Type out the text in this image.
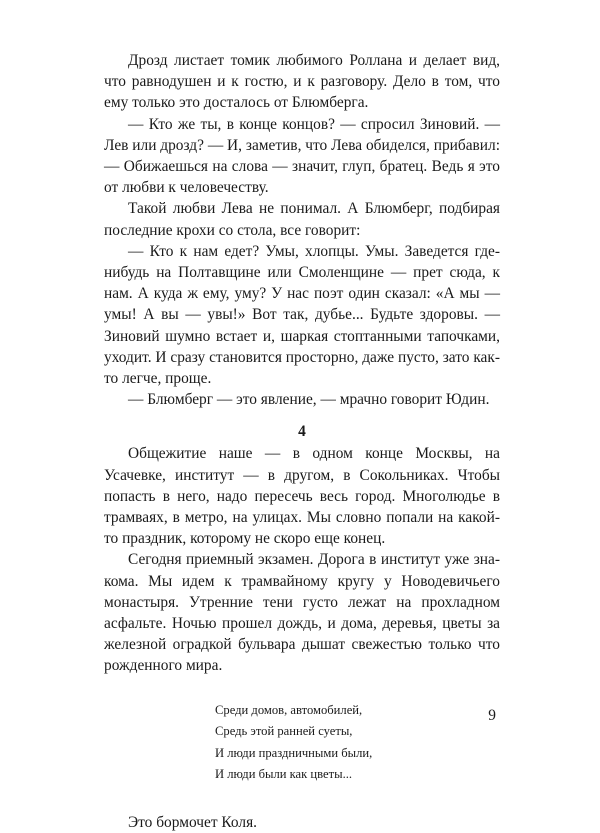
Дрозд листает томик любимого Роллана и делает вид, что равнодушен и к гостю, и к разговору. Дело в том, что ему только это досталось от Блюмберга.

— Кто же ты, в конце концов? — спросил Зиновий. — Лев или дрозд? — И, заметив, что Лева обиделся, прибавил: — Обижаешься на слова — значит, глуп, братец. Ведь я это от любви к человечеству.

Такой любви Лева не понимал. А Блюмберг, подбирая последние крохи со стола, все говорит:

— Кто к нам едет? Умы, хлопцы. Умы. Заведется где-нибудь на Полтавщине или Смоленщине — прет сюда, к нам. А куда ж ему, уму? У нас поэт один сказал: «А мы — умы! А вы — увы!» Вот так, дубье... Будьте здоровы. — Зиновий шумно встает и, шаркая стоптанными тапочками, уходит. И сразу становится просторно, даже пусто, зато как-то легче, проще.

— Блюмберг — это явление, — мрачно говорит Юдин.

4

Общежитие наше — в одном конце Москвы, на Усачевке, институт — в другом, в Сокольниках. Чтобы попасть в него, надо пересечь весь город. Многолюдье в трамваях, в метро, на улицах. Мы словно попали на какой-то праздник, которому не скоро еще конец.

Сегодня приемный экзамен. Дорога в институт уже знакома. Мы идем к трамвайному кругу у Новодевичьего монастыря. Утренние тени густо лежат на прохладном асфальте. Ночью прошел дождь, и дома, деревья, цветы за железной оградкой бульвара дышат свежестью только что рожденного мира.

Среди домов, автомобилей,
Средь этой ранней суеты,
И люди праздничными были,
И люди были как цветы...

Это бормочет Коля.

9
